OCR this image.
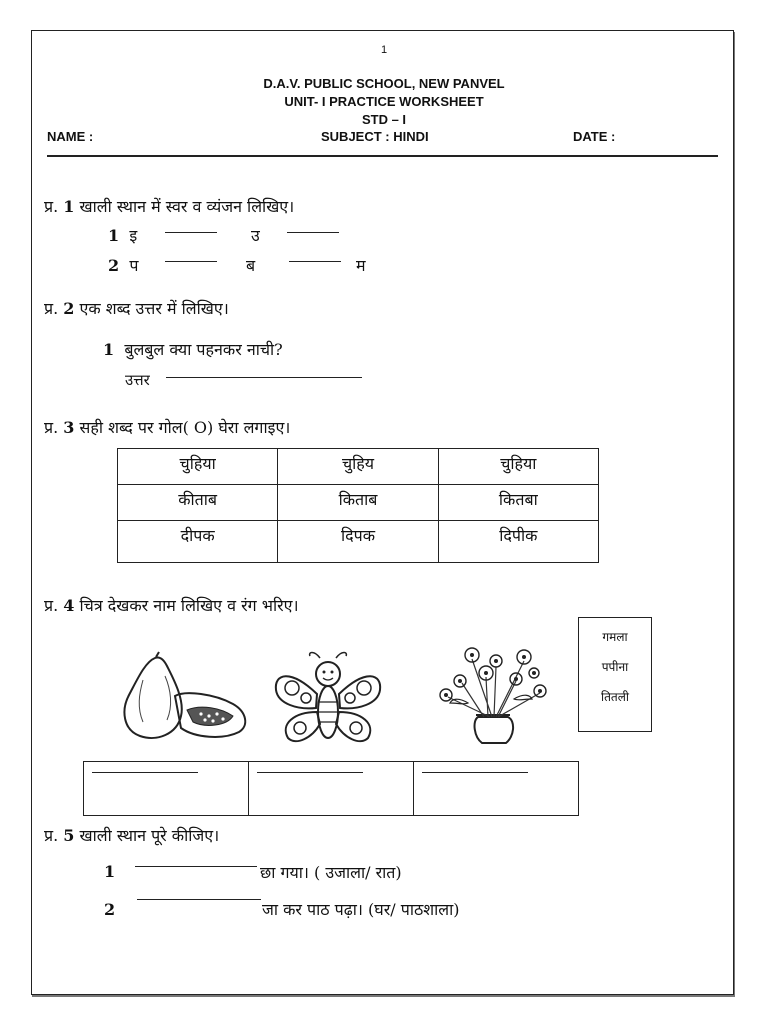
1
D.A.V. PUBLIC SCHOOL, NEW PANVEL
UNIT- I PRACTICE WORKSHEET
STD – I
NAME :	SUBJECT : HINDI	DATE :
प्र. 1 खाली स्थान में स्वर व व्यंजन लिखिए।
1 इ	उ
2 प	ब	म
प्र. 2 एक शब्द उत्तर में लिखिए।
1 बुलबुल क्या पहनकर नाची?
उत्तर
प्र. 3 सही शब्द पर गोल( O) घेरा लगाइए।
चुहिया	चुहिय	चुहिया
कीताब	किताब	कितबा
दीपक	दिपक	दिपीक
प्र. 4 चित्र देखकर नाम लिखिए व रंग भरिए।
गमला
पपीना
तितली

प्र. 5 खाली स्थान पूरे कीजिए।
1	छा गया। ( उजाला/ रात)
2	जा कर पाठ पढ़ा। (घर/ पाठशाला)
